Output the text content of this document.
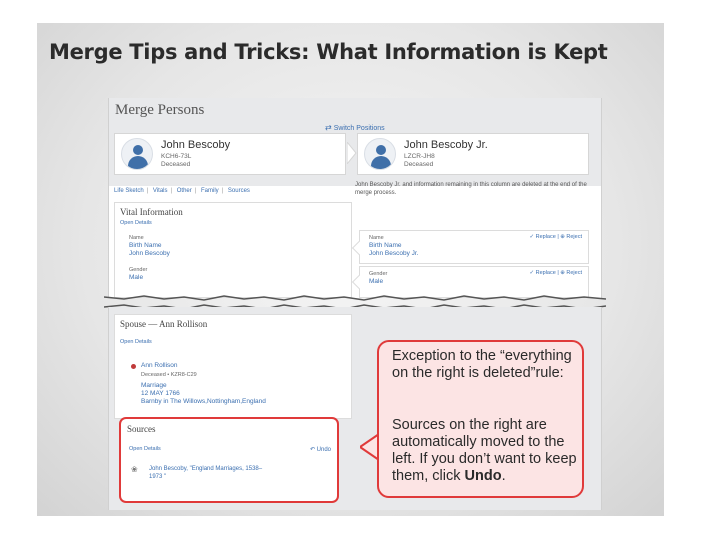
Merge Tips and Tricks: What Information is Kept
Merge Persons
⇄ Switch Positions
John Bescoby
KCH6-73L
Deceased
John Bescoby Jr.
LZCR-JH8
Deceased
Life Sketch | Vitals | Other | Family | Sources
John Bescoby Jr. and information remaining in this column are deleted at the end of the merge process.
Vital Information
Open Details
Name
Birth Name
John Bescoby
Gender
Male
Name
Birth Name
John Bescoby Jr.
✓ Replace | ⊕ Reject
Gender
Male
✓ Replace | ⊕ Reject
Spouse — Ann Rollison
Open Details
Ann Rollison
Deceased • KZR8-C29
Marriage
12 MAY 1766
Barnby in The Willows,Nottingham,England
Sources
Open Details	↶ Undo
❀ John Bescoby, "England Marriages, 1538–1973 "

Exception to the “everything on the right is deleted”rule:

Sources on the right are automatically moved to the left. If you don’t want to keep them, click Undo.
